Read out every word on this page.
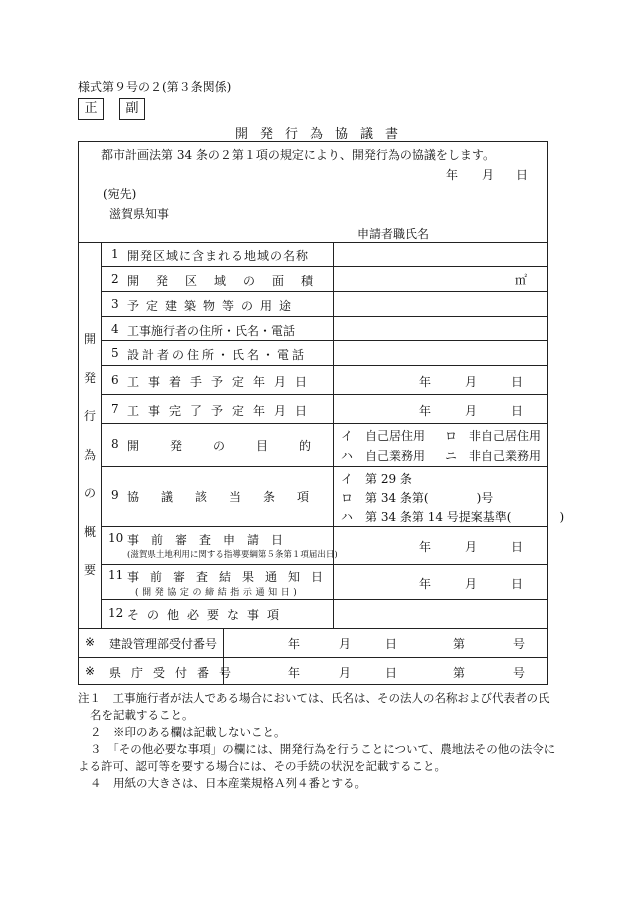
様式第９号の２(第３条関係)
正	副
開発行為協議書
都市計画法第 34 条の２第１項の規定により、開発行為の協議をします。
年 月 日
(宛先)
滋賀県知事
申請者職氏名
開
発
行
為
の
概
要
1 開発区域に含まれる地域の名称
2 開発区域の面積	㎡
3 予定建築物等の用途
4 工事施行者の住所・氏名・電話
5 設計者の住所・氏名・電話
6 工事着手予定年月日	年	月	日
7 工事完了予定年月日	年	月	日
8 開発の目的
イ　自己居住用 ロ　非自己居住用
ハ　自己業務用 ニ　非自己業務用
9 協議該当条項
イ　第 29 条
ロ　第 34 条第(　　　　)号
ハ　第 34 条第 14 号提案基準(　　　　)
10 事前審査申請日
(滋賀県土地利用に関する指導要綱第５条第１項届出日)
年	月	日
11 事前審査結果通知日
(開発協定の締結指示通知日)
年	月	日
12 その他必要な事項
※ 建設管理部受付番号	年	月	日	第	号
※ 県庁受付番号	年	月	日	第	号
注１　工事施行者が法人である場合においては、氏名は、その法人の名称および代表者の氏
名を記載すること。
２　※印のある欄は記載しないこと。
３　「その他必要な事項」の欄には、開発行為を行うことについて、農地法その他の法令に
よる許可、認可等を要する場合には、その手続の状況を記載すること。
４　用紙の大きさは、日本産業規格Ａ列４番とする。
